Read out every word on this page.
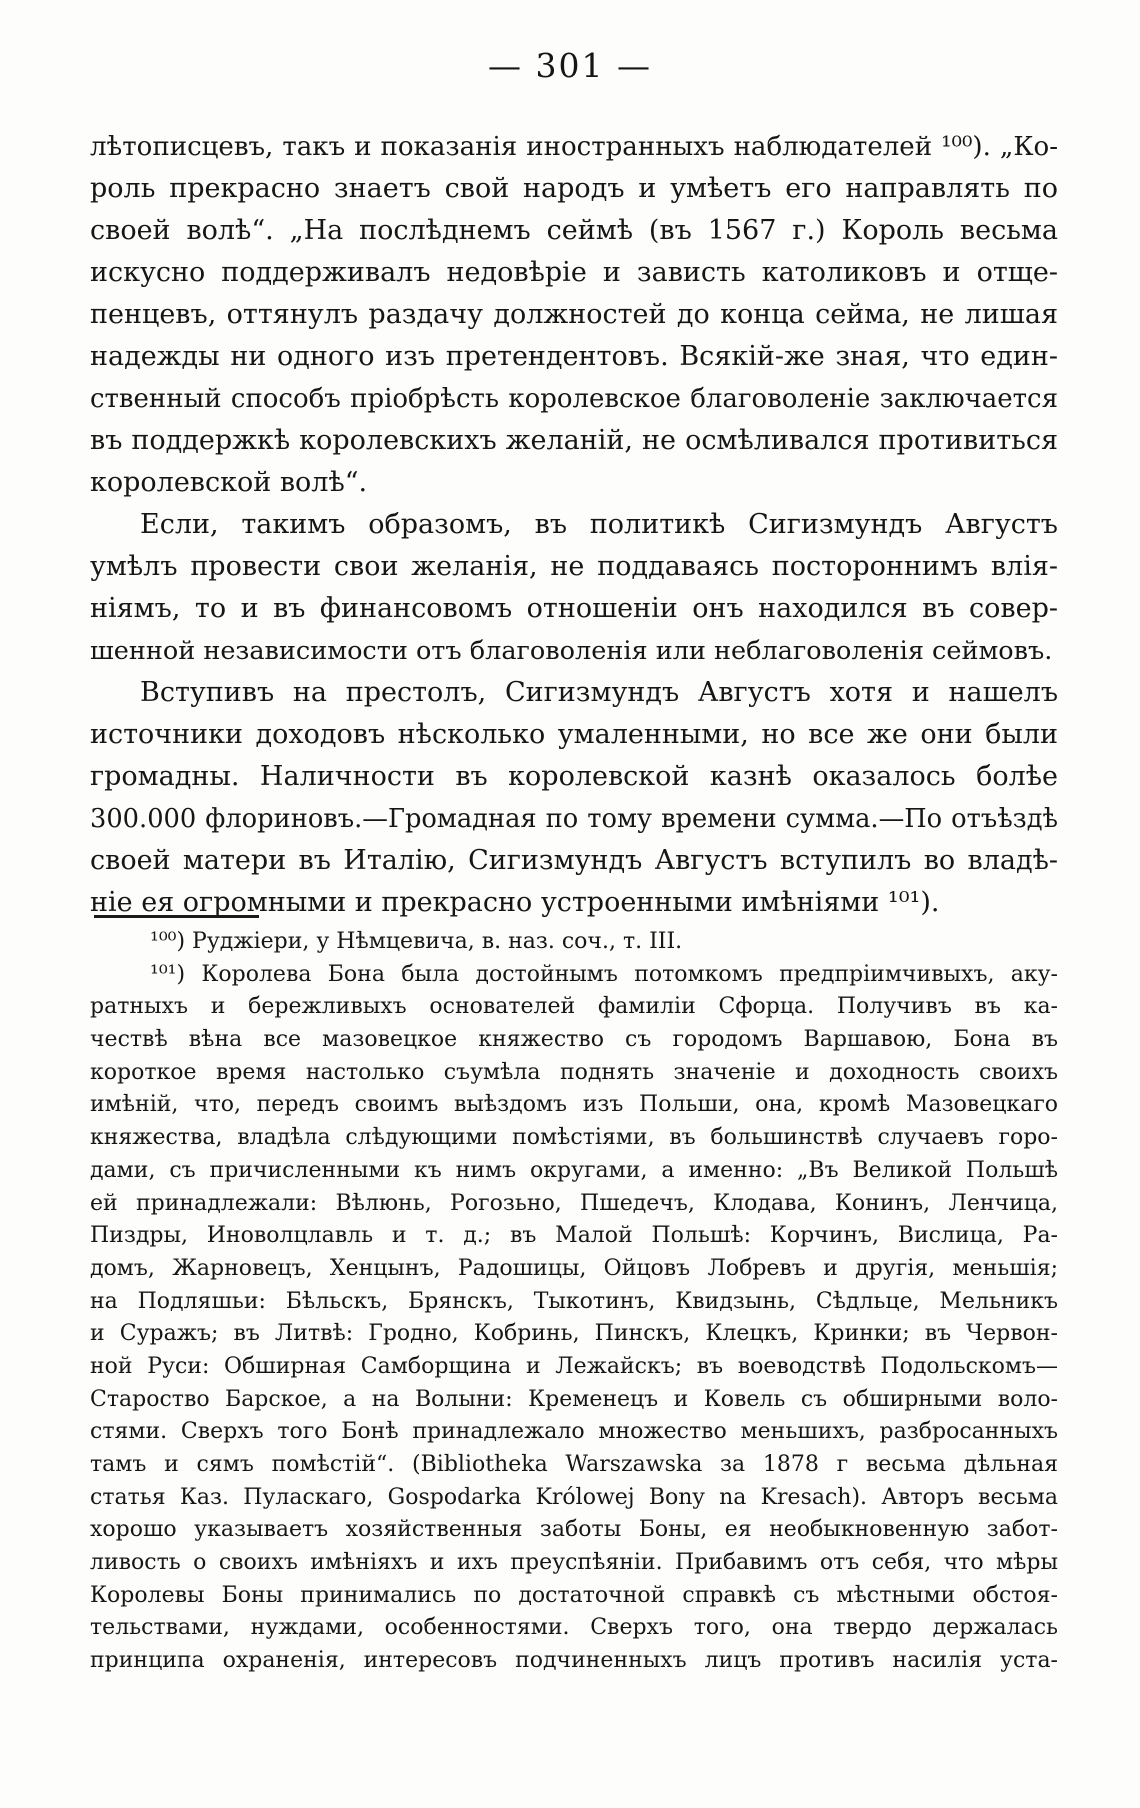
— 301 —
лѣтописцевъ, такъ и показанія иностранныхъ наблюдателей ¹⁰⁰). „Ко-
роль прекрасно знаетъ свой народъ и умѣетъ его направлять по
своей волѣ“. „На послѣднемъ сеймѣ (въ 1567 г.) Король весьма
искусно поддерживалъ недовѣріе и зависть католиковъ и отще-
пенцевъ, оттянулъ раздачу должностей до конца сейма, не лишая
надежды ни одного изъ претендентовъ. Всякій-же зная, что един-
ственный способъ пріобрѣсть королевское благоволеніе заключается
въ поддержкѣ королевскихъ желаній, не осмѣливался противиться
королевской волѣ“.
Если, такимъ образомъ, въ политикѣ Сигизмундъ Августъ
умѣлъ провести свои желанія, не поддаваясь постороннимъ влія-
ніямъ, то и въ финансовомъ отношеніи онъ находился въ совер-
шенной независимости отъ благоволенія или неблаговоленія сеймовъ.
Вступивъ на престолъ, Сигизмундъ Августъ хотя и нашелъ
источники доходовъ нѣсколько умаленными, но все же они были
громадны. Наличности въ королевской казнѣ оказалось болѣе
300.000 флориновъ.—Громадная по тому времени сумма.—По отъѣздѣ
своей матери въ Италію, Сигизмундъ Августъ вступилъ во владѣ-
ніе ея огромными и прекрасно устроенными имѣніями ¹⁰¹).
¹⁰⁰) Руджіери, у Нѣмцевича, в. наз. соч., т. III.
¹⁰¹) Королева Бона была достойнымъ потомкомъ предпріимчивыхъ, аку-
ратныхъ и бережливыхъ основателей фамиліи Сфорца. Получивъ въ ка-
чествѣ вѣна все мазовецкое княжество съ городомъ Варшавою, Бона въ
короткое время настолько съумѣла поднять значеніе и доходность своихъ
имѣній, что, передъ своимъ выѣздомъ изъ Польши, она, кромѣ Мазовецкаго
княжества, владѣла слѣдующими помѣстіями, въ большинствѣ случаевъ горо-
дами, съ причисленными къ нимъ округами, а именно: „Въ Великой Польшѣ
ей принадлежали: Вѣлюнь, Рогозьно, Пшедечъ, Клодава, Конинъ, Ленчица,
Пиздры, Иноволцлавль и т. д.; въ Малой Польшѣ: Корчинъ, Вислица, Ра-
домъ, Жарновецъ, Хенцынъ, Радошицы, Ойцовъ Лобревъ и другія, меньшія;
на Подляшьи: Бѣльскъ, Брянскъ, Тыкотинъ, Квидзынь, Сѣдльце, Мельникъ
и Суражъ; въ Литвѣ: Гродно, Кобринь, Пинскъ, Клецкъ, Кринки; въ Червон-
ной Руси: Обширная Самборщина и Лежайскъ; въ воеводствѣ Подольскомъ—
Староство Барское, а на Волыни: Кременецъ и Ковель съ обширными воло-
стями. Сверхъ того Бонѣ принадлежало множество меньшихъ, разбросанныхъ
тамъ и сямъ помѣстій“. (Bibliotheka Warszawska за 1878 г весьма дѣльная
статья Каз. Пуласкаго, Gospodarka Królowej Bony na Kresach). Авторъ весьма
хорошо указываетъ хозяйственныя заботы Боны, ея необыкновенную забот-
ливость о своихъ имѣніяхъ и ихъ преуспѣяніи. Прибавимъ отъ себя, что мѣры
Королевы Боны принимались по достаточной справкѣ съ мѣстными обстоя-
тельствами, нуждами, особенностями. Сверхъ того, она твердо держалась
принципа охраненія, интересовъ подчиненныхъ лицъ противъ насилія уста-
